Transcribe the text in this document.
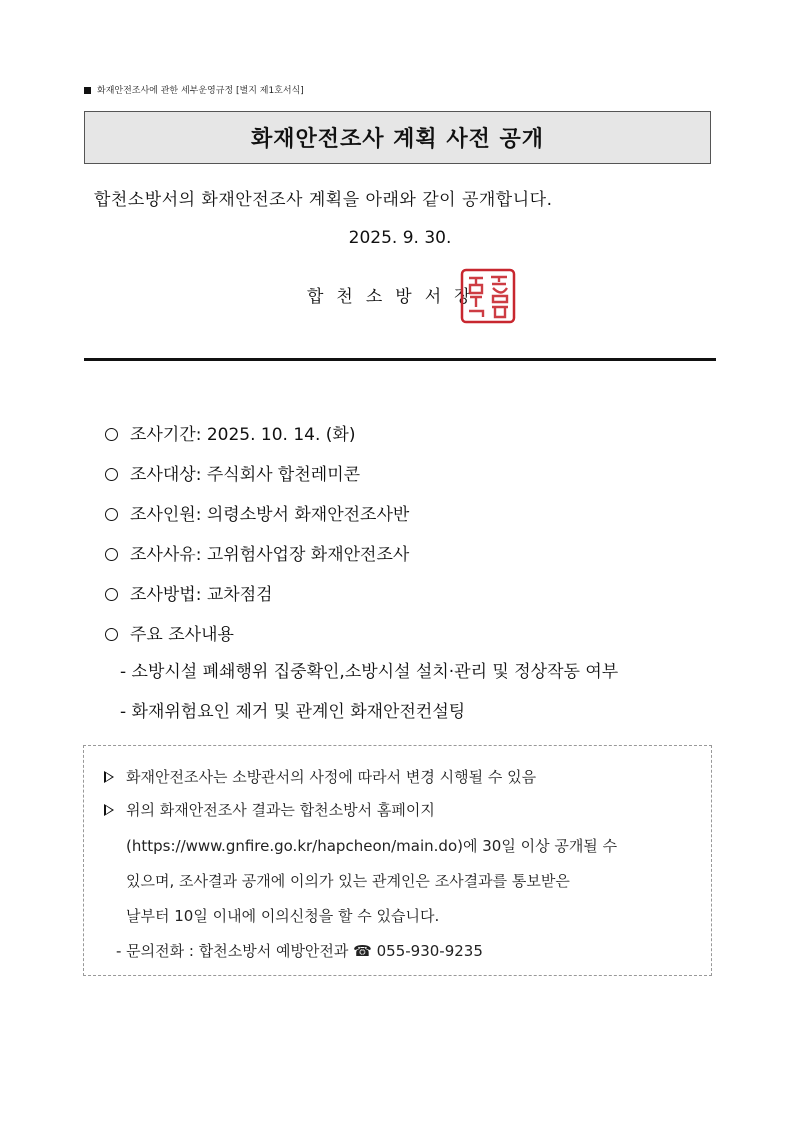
화재안전조사에 관한 세부운영규정 [별지 제1호서식]
화재안전조사 계획 사전 공개
합천소방서의 화재안전조사 계획을 아래와 같이 공개합니다.
2025. 9. 30.
합천소방서장
조사기간: 2025. 10. 14. (화)
조사대상: 주식회사 합천레미콘
조사인원: 의령소방서 화재안전조사반
조사사유: 고위험사업장 화재안전조사
조사방법: 교차점검
주요 조사내용
- 소방시설 폐쇄행위 집중확인,소방시설 설치·관리 및 정상작동 여부
- 화재위험요인 제거 및 관계인 화재안전컨설팅
화재안전조사는 소방관서의 사정에 따라서 변경 시행될 수 있음
위의 화재안전조사 결과는 합천소방서 홈페이지
(https://www.gnfire.go.kr/hapcheon/main.do)에 30일 이상 공개될 수
있으며, 조사결과 공개에 이의가 있는 관계인은 조사결과를 통보받은
날부터 10일 이내에 이의신청을 할 수 있습니다.
- 문의전화 : 합천소방서 예방안전과 ☎ 055-930-9235
